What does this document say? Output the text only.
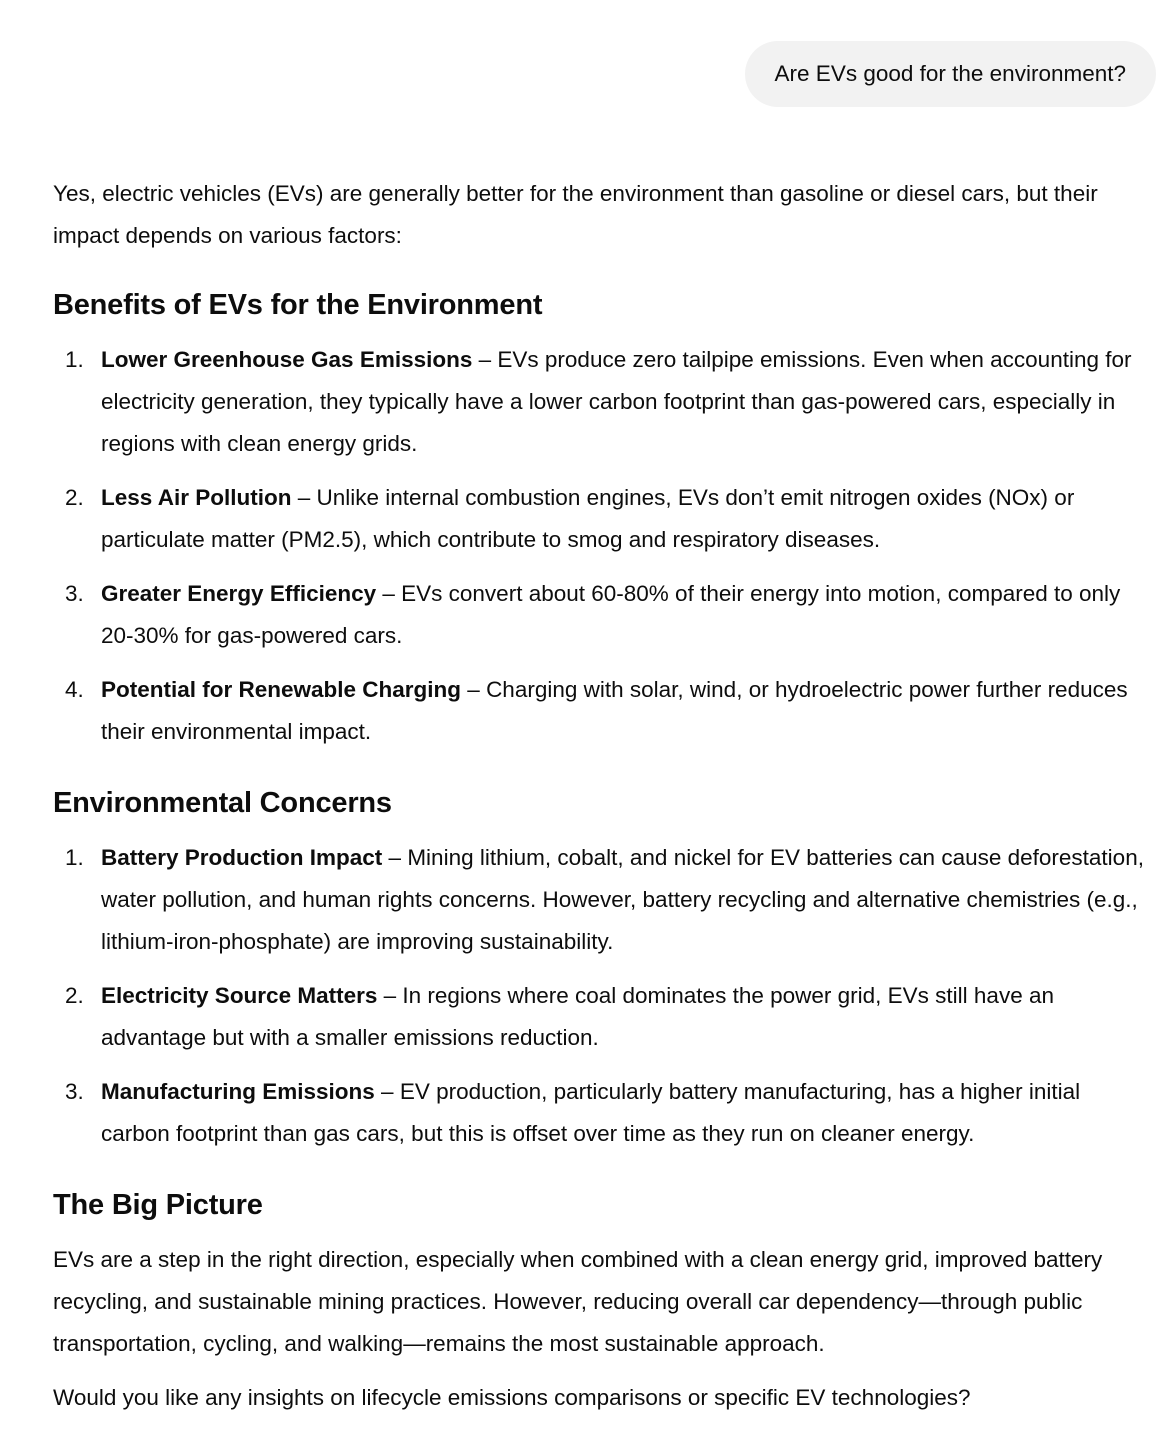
Are EVs good for the environment?

Yes, electric vehicles (EVs) are generally better for the environment than gasoline or diesel cars, but their impact depends on various factors:

Benefits of EVs for the Environment
1. Lower Greenhouse Gas Emissions – EVs produce zero tailpipe emissions. Even when accounting for electricity generation, they typically have a lower carbon footprint than gas-powered cars, especially in regions with clean energy grids.
2. Less Air Pollution – Unlike internal combustion engines, EVs don’t emit nitrogen oxides (NOx) or particulate matter (PM2.5), which contribute to smog and respiratory diseases.
3. Greater Energy Efficiency – EVs convert about 60-80% of their energy into motion, compared to only 20-30% for gas-powered cars.
4. Potential for Renewable Charging – Charging with solar, wind, or hydroelectric power further reduces their environmental impact.
Environmental Concerns
1. Battery Production Impact – Mining lithium, cobalt, and nickel for EV batteries can cause deforestation, water pollution, and human rights concerns. However, battery recycling and alternative chemistries (e.g., lithium-iron-phosphate) are improving sustainability.
2. Electricity Source Matters – In regions where coal dominates the power grid, EVs still have an advantage but with a smaller emissions reduction.
3. Manufacturing Emissions – EV production, particularly battery manufacturing, has a higher initial carbon footprint than gas cars, but this is offset over time as they run on cleaner energy.
The Big Picture

EVs are a step in the right direction, especially when combined with a clean energy grid, improved battery recycling, and sustainable mining practices. However, reducing overall car dependency—through public transportation, cycling, and walking—remains the most sustainable approach.

Would you like any insights on lifecycle emissions comparisons or specific EV technologies?
